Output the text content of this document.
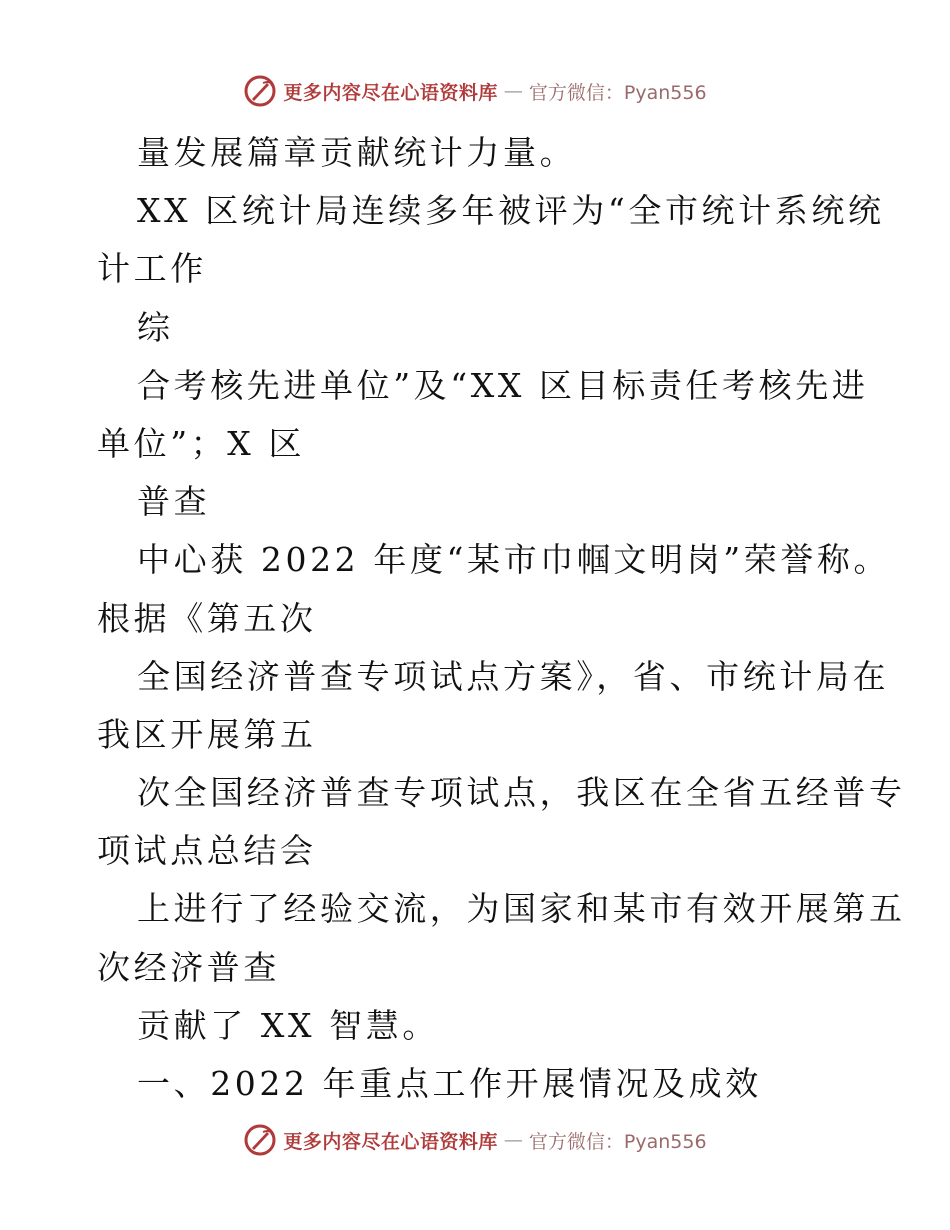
更多内容尽在心语资料库 — 官方微信：Pyan556
量发展篇章贡献统计力量。
XX 区统计局连续多年被评为“全市统计系统统
计工作
综
合考核先进单位”及“XX 区目标责任考核先进
单位”；X 区
普查
中心获 2022 年度“某市巾帼文明岗”荣誉称。
根据《第五次
全国经济普查专项试点方案》，省、市统计局在
我区开展第五
次全国经济普查专项试点，我区在全省五经普专
项试点总结会
上进行了经验交流，为国家和某市有效开展第五
次经济普查
贡献了 XX 智慧。
一、2022 年重点工作开展情况及成效
更多内容尽在心语资料库 — 官方微信：Pyan556
